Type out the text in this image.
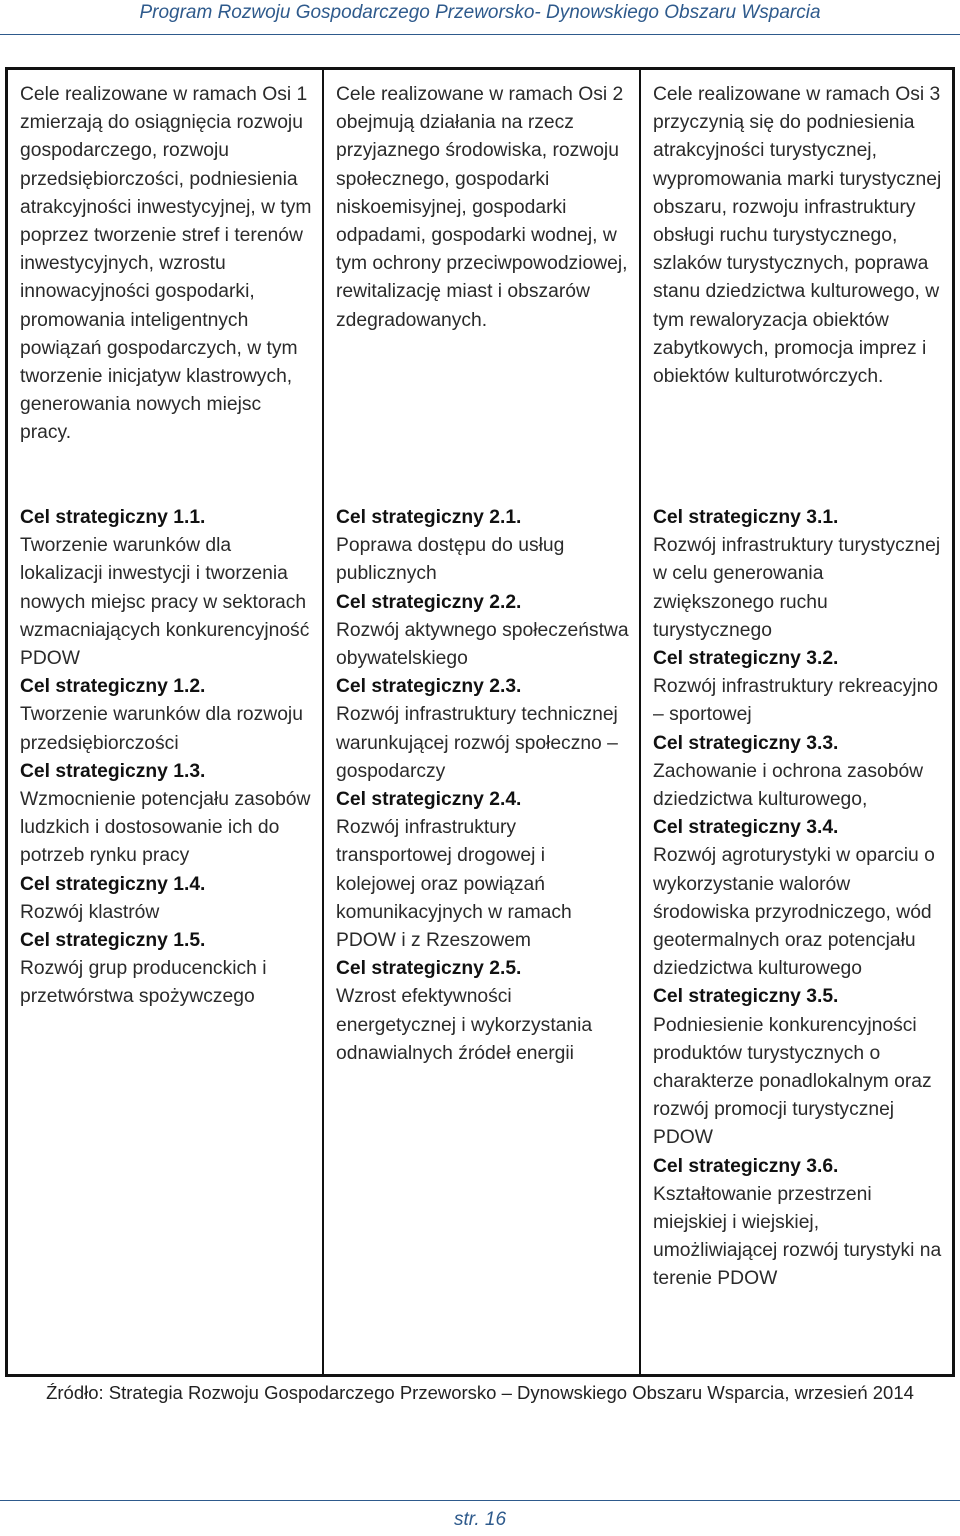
Program Rozwoju Gospodarczego Przeworsko- Dynowskiego Obszaru Wsparcia
Cele realizowane w ramach Osi 1 zmierzają do osiągnięcia rozwoju gospodarczego, rozwoju przedsiębiorczości, podniesienia atrakcyjności inwestycyjnej, w tym poprzez tworzenie stref i terenów inwestycyjnych, wzrostu innowacyjności gospodarki, promowania inteligentnych powiązań gospodarczych, w tym tworzenie inicjatyw klastrowych, generowania nowych miejsc pracy.
Cel strategiczny 1.1.
Tworzenie warunków dla lokalizacji inwestycji i tworzenia nowych miejsc pracy w sektorach wzmacniających konkurencyjność PDOW
Cel strategiczny 1.2.
Tworzenie warunków dla rozwoju przedsiębiorczości
Cel strategiczny 1.3.
Wzmocnienie potencjału zasobów ludzkich i dostosowanie ich do potrzeb rynku pracy
Cel strategiczny 1.4.
Rozwój klastrów
Cel strategiczny 1.5.
Rozwój grup producenckich i przetwórstwa spożywczego
Cele realizowane w ramach Osi 2 obejmują działania na rzecz przyjaznego środowiska, rozwoju społecznego, gospodarki niskoemisyjnej, gospodarki odpadami, gospodarki wodnej, w tym ochrony przeciwpowodziowej, rewitalizację miast i obszarów zdegradowanych.
Cel strategiczny 2.1.
Poprawa dostępu do usług publicznych
Cel strategiczny 2.2.
Rozwój aktywnego społeczeństwa obywatelskiego
Cel strategiczny 2.3.
Rozwój infrastruktury technicznej warunkującej rozwój społeczno – gospodarczy
Cel strategiczny 2.4.
Rozwój infrastruktury transportowej drogowej i kolejowej oraz powiązań komunikacyjnych w ramach PDOW i z Rzeszowem
Cel strategiczny 2.5.
Wzrost efektywności energetycznej i wykorzystania odnawialnych źródeł energii
Cele realizowane w ramach Osi 3 przyczynią się do podniesienia atrakcyjności turystycznej, wypromowania marki turystycznej obszaru, rozwoju infrastruktury obsługi ruchu turystycznego, szlaków turystycznych, poprawa stanu dziedzictwa kulturowego, w tym rewaloryzacja obiektów zabytkowych, promocja imprez i obiektów kulturotwórczych.
Cel strategiczny 3.1.
Rozwój infrastruktury turystycznej w celu generowania zwiększonego ruchu turystycznego
Cel strategiczny 3.2.
Rozwój infrastruktury rekreacyjno – sportowej
Cel strategiczny 3.3.
Zachowanie i ochrona zasobów dziedzictwa kulturowego,
Cel strategiczny 3.4.
Rozwój agroturystyki w oparciu o wykorzystanie walorów środowiska przyrodniczego, wód geotermalnych oraz potencjału dziedzictwa kulturowego
Cel strategiczny 3.5.
Podniesienie konkurencyjności produktów turystycznych o charakterze ponadlokalnym oraz rozwój promocji turystycznej PDOW
Cel strategiczny 3.6.
Kształtowanie przestrzeni miejskiej i wiejskiej, umożliwiającej rozwój turystyki na terenie PDOW
Źródło: Strategia Rozwoju Gospodarczego Przeworsko – Dynowskiego Obszaru Wsparcia, wrzesień 2014
str. 16
